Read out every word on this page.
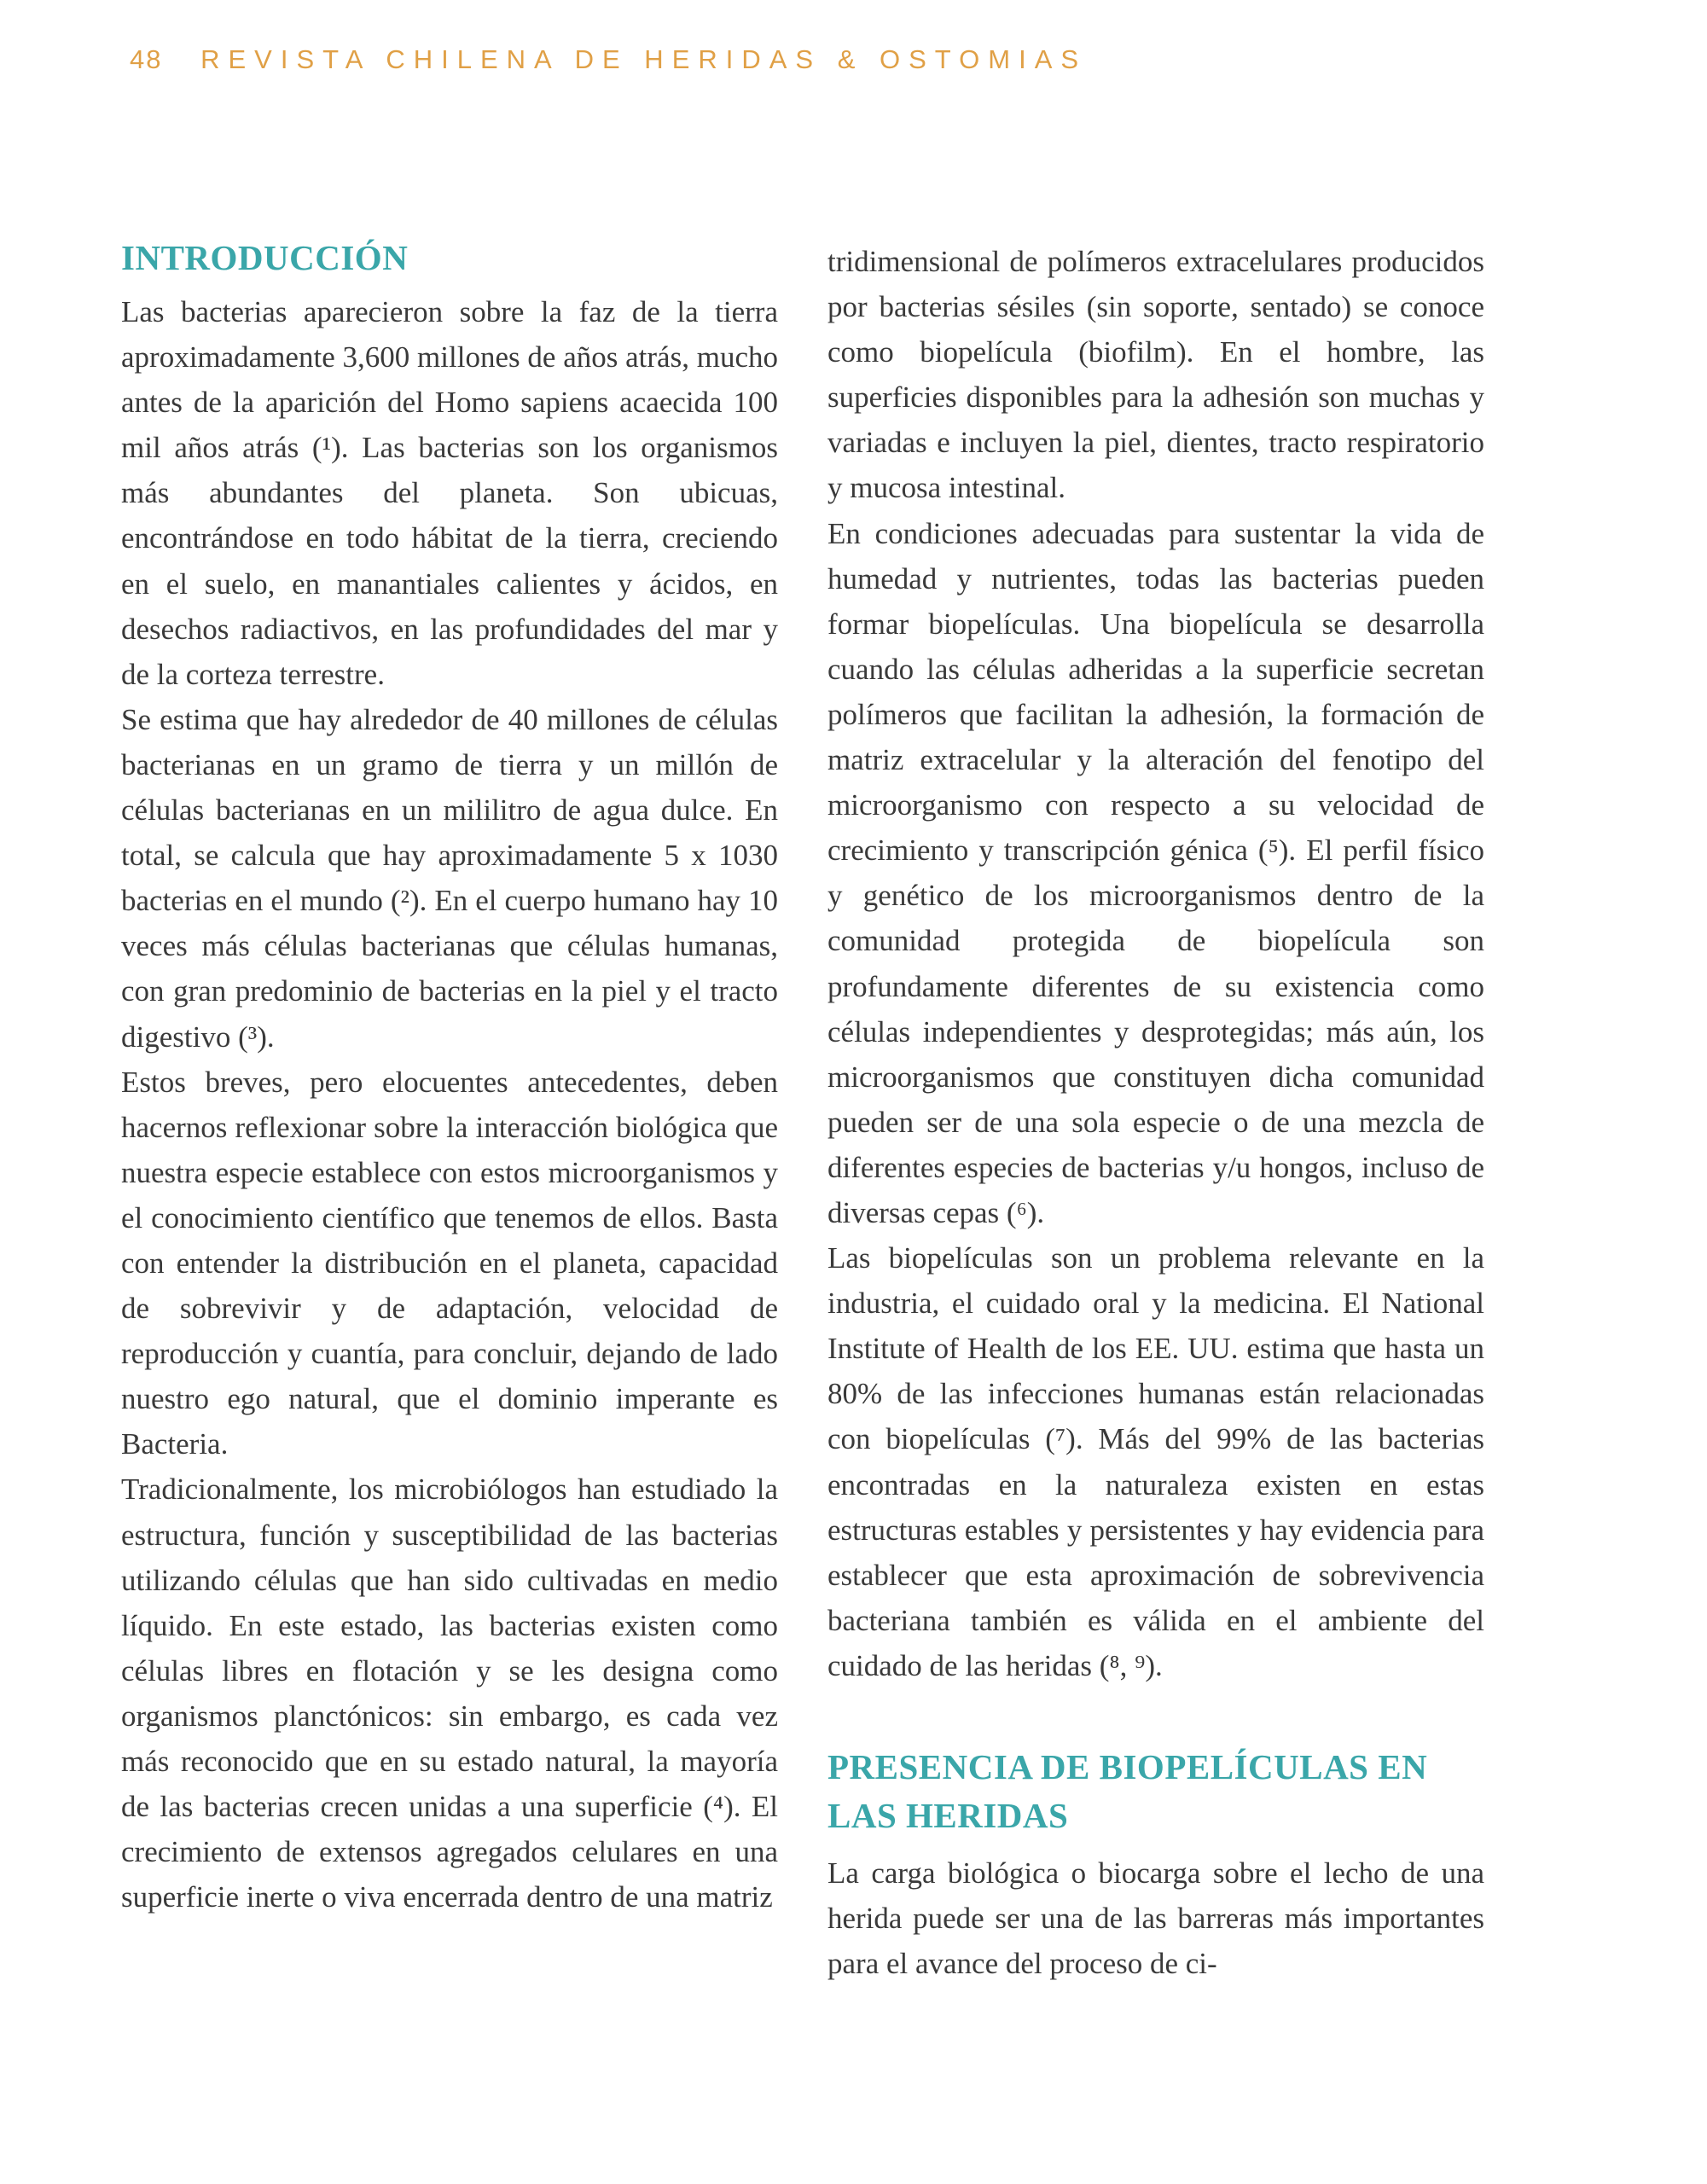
48 REVISTA CHILENA DE HERIDAS & OSTOMIAS
INTRODUCCIÓN

Las bacterias aparecieron sobre la faz de la tierra aproximadamente 3,600 millones de años atrás, mucho antes de la aparición del Homo sapiens acaecida 100 mil años atrás (¹). Las bacterias son los organismos más abundantes del planeta. Son ubicuas, encontrándose en todo hábitat de la tierra, creciendo en el suelo, en manantiales calientes y ácidos, en desechos radiactivos, en las profundidades del mar y de la corteza terrestre.

Se estima que hay alrededor de 40 millones de células bacterianas en un gramo de tierra y un millón de células bacterianas en un mililitro de agua dulce. En total, se calcula que hay aproximadamente 5 x 1030 bacterias en el mundo (²). En el cuerpo humano hay 10 veces más células bacterianas que células humanas, con gran predominio de bacterias en la piel y el tracto digestivo (³).

Estos breves, pero elocuentes antecedentes, deben hacernos reflexionar sobre la interacción biológica que nuestra especie establece con estos microorganismos y el conocimiento científico que tenemos de ellos. Basta con entender la distribución en el planeta, capacidad de sobrevivir y de adaptación, velocidad de reproducción y cuantía, para concluir, dejando de lado nuestro ego natural, que el dominio imperante es Bacteria.

Tradicionalmente, los microbiólogos han estudiado la estructura, función y susceptibilidad de las bacterias utilizando células que han sido cultivadas en medio líquido. En este estado, las bacterias existen como células libres en flotación y se les designa como organismos planctónicos: sin embargo, es cada vez más reconocido que en su estado natural, la mayoría de las bacterias crecen unidas a una superficie (⁴). El crecimiento de extensos agregados celulares en una superficie inerte o viva encerrada dentro de una matriz

tridimensional de polímeros extracelulares producidos por bacterias sésiles (sin soporte, sentado) se conoce como biopelícula (biofilm). En el hombre, las superficies disponibles para la adhesión son muchas y variadas e incluyen la piel, dientes, tracto respiratorio y mucosa intestinal.

En condiciones adecuadas para sustentar la vida de humedad y nutrientes, todas las bacterias pueden formar biopelículas. Una biopelícula se desarrolla cuando las células adheridas a la superficie secretan polímeros que facilitan la adhesión, la formación de matriz extracelular y la alteración del fenotipo del microorganismo con respecto a su velocidad de crecimiento y transcripción génica (⁵). El perfil físico y genético de los microorganismos dentro de la comunidad protegida de biopelícula son profundamente diferentes de su existencia como células independientes y desprotegidas; más aún, los microorganismos que constituyen dicha comunidad pueden ser de una sola especie o de una mezcla de diferentes especies de bacterias y/u hongos, incluso de diversas cepas (⁶).

Las biopelículas son un problema relevante en la industria, el cuidado oral y la medicina. El National Institute of Health de los EE. UU. estima que hasta un 80% de las infecciones humanas están relacionadas con biopelículas (⁷). Más del 99% de las bacterias encontradas en la naturaleza existen en estas estructuras estables y persistentes y hay evidencia para establecer que esta aproximación de sobrevivencia bacteriana también es válida en el ambiente del cuidado de las heridas (⁸, ⁹).

PRESENCIA DE BIOPELÍCULAS EN LAS HERIDAS

La carga biológica o biocarga sobre el lecho de una herida puede ser una de las barreras más importantes para el avance del proceso de ci-
